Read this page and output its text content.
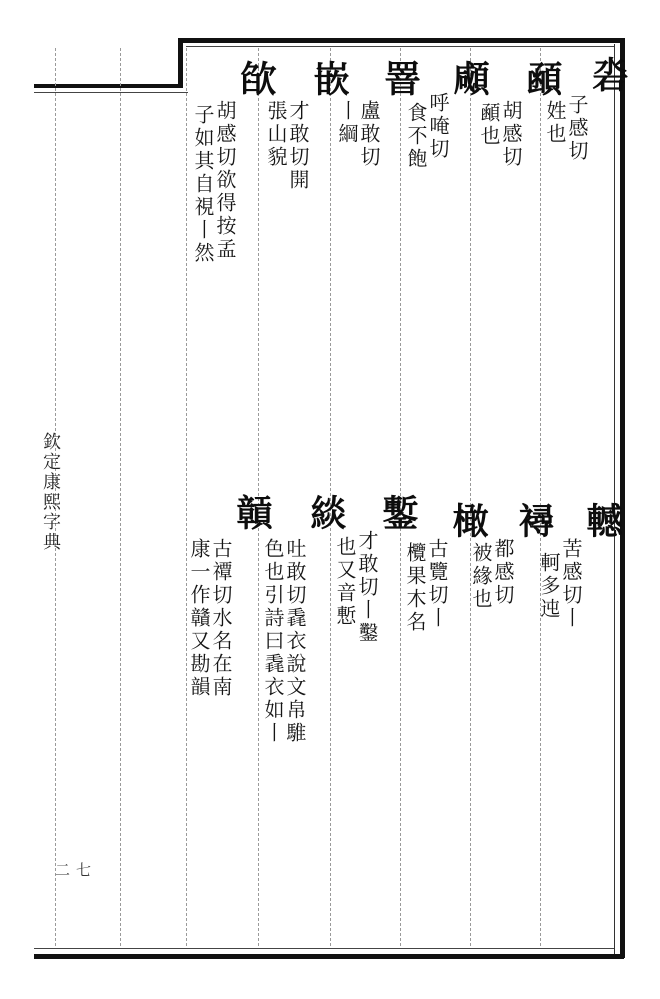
欽定康熙字典
七二
沯
子感切
姓也
顄
胡感切
顄也
顑
呼唵切
食不飽
罯
盧敢切
丨綱
嵌
才敢切開
張山貌
欿
胡感切欲得按孟
子如其自視丨然
轗
苦感切丨
軻多迍
襑
都感切
被緣也
橄
古覽切丨
欖果木名
鏨
才敢切丨鑿
也又音慙
緂
吐敢切毳衣說文帛騅
色也引詩曰毳衣如丨
贑
古禫切水名在南
康一作贛又勘韻
